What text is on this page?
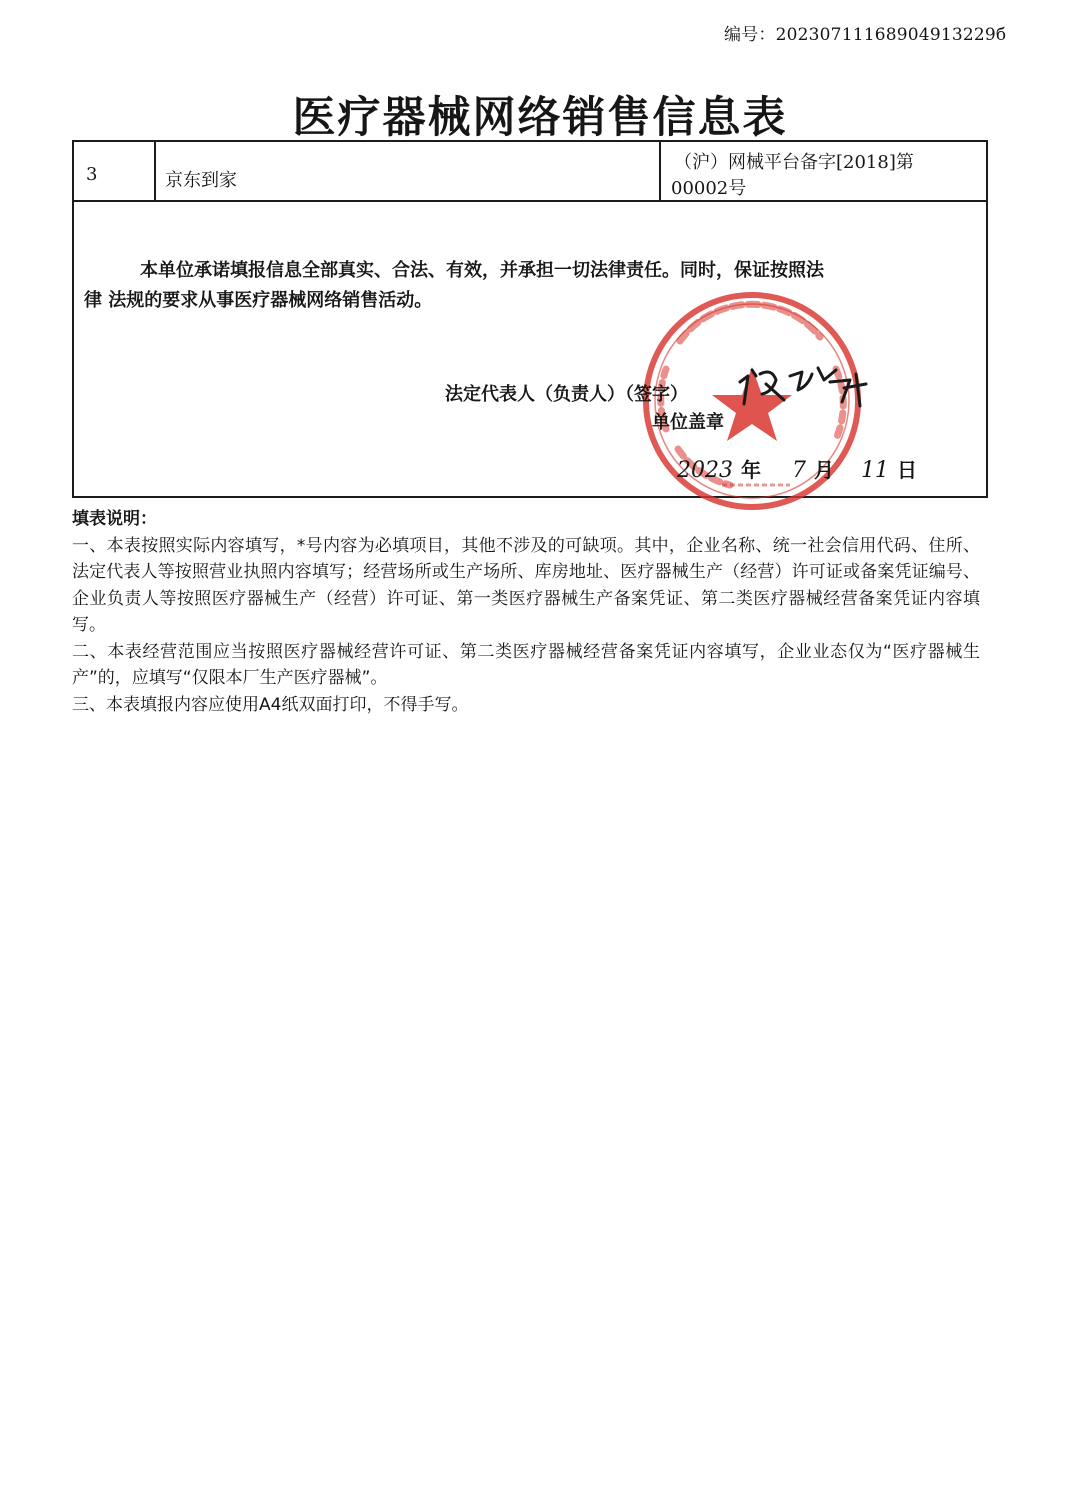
编号：20230711168904913229б
医疗器械网络销售信息表
3	京东到家
（沪）网械平台备字[2018]第
00002号
本单位承诺填报信息全部真实、合法、有效，并承担一切法律责任。同时，保证按照法
律 法规的要求从事医疗器械网络销售活动。
法定代表人（负责人）（签字）
单位盖章
2023 年 7 月 11 日
填表说明：
一、本表按照实际内容填写，*号内容为必填项目，其他不涉及的可缺项。其中，企业名称、统一社会信用代码、住所、法定代表人等按照营业执照内容填写；经营场所或生产场所、库房地址、医疗器械生产（经营）许可证或备案凭证编号、企业负责人等按照医疗器械生产（经营）许可证、第一类医疗器械生产备案凭证、第二类医疗器械经营备案凭证内容填写。
二、本表经营范围应当按照医疗器械经营许可证、第二类医疗器械经营备案凭证内容填写，企业业态仅为“医疗器械生产”的，应填写“仅限本厂生产医疗器械”。
三、本表填报内容应使用A4纸双面打印，不得手写。
